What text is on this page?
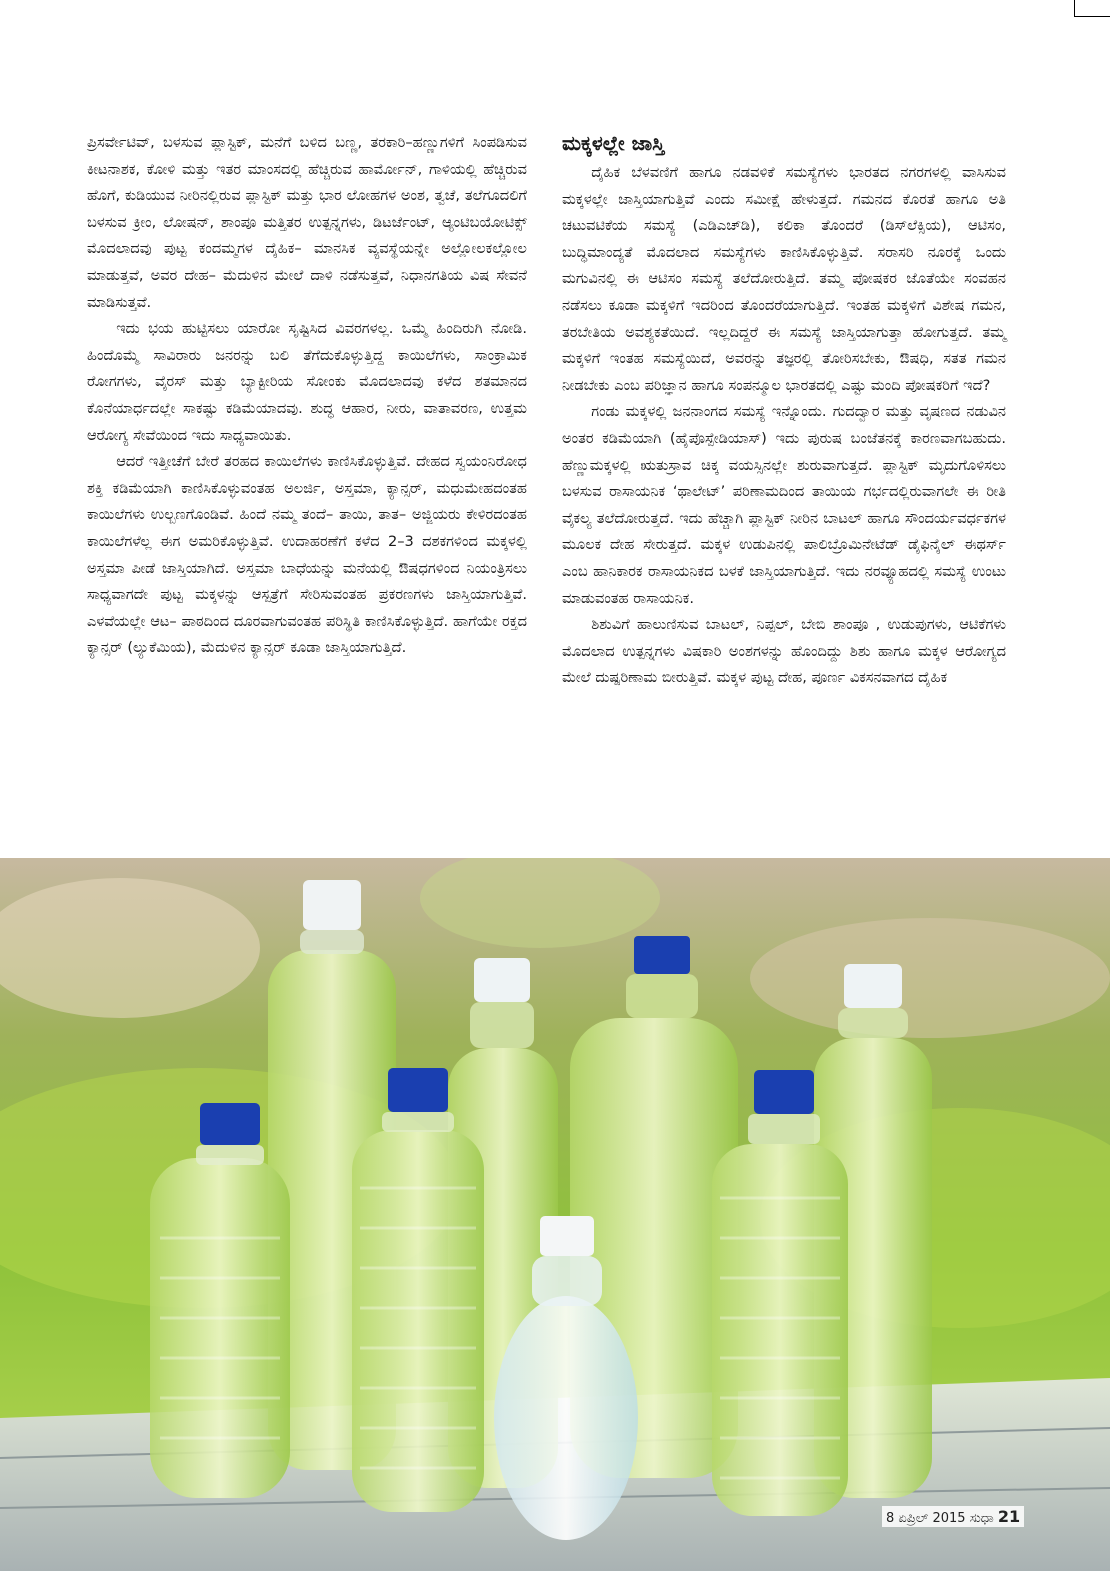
ಪ್ರಿಸರ್ವೇಟಿವ್, ಬಳಸುವ ಪ್ಲಾಸ್ಟಿಕ್, ಮನೆಗೆ ಬಳಿದ ಬಣ್ಣ, ತರಕಾರಿ–ಹಣ್ಣುಗಳಿಗೆ ಸಿಂಪಡಿಸುವ ಕೀಟನಾಶಕ, ಕೋಳಿ ಮತ್ತು ಇತರ ಮಾಂಸದಲ್ಲಿ ಹೆಚ್ಚಿರುವ ಹಾರ್ಮೋನ್, ಗಾಳಿಯಲ್ಲಿ ಹೆಚ್ಚಿರುವ ಹೊಗೆ, ಕುಡಿಯುವ ನೀರಿನಲ್ಲಿರುವ ಪ್ಲಾಸ್ಟಿಕ್ ಮತ್ತು ಭಾರ ಲೋಹಗಳ ಅಂಶ, ತ್ವಚೆ, ತಲೆಗೂದಲಿಗೆ ಬಳಸುವ ಕ್ರೀಂ, ಲೋಷನ್, ಶಾಂಪೂ ಮತ್ತಿತರ ಉತ್ಪನ್ನಗಳು, ಡಿಟರ್ಜೆಂಟ್, ಆ್ಯಂಟಿಬಯೋಟಿಕ್ಸ್ ಮೊದಲಾದವು ಪುಟ್ಟ ಕಂದಮ್ಮಗಳ ದೈಹಿಕ– ಮಾನಸಿಕ ವ್ಯವಸ್ಥೆಯನ್ನೇ ಅಲ್ಲೋಲಕಲ್ಲೋಲ ಮಾಡುತ್ತವೆ, ಅವರ ದೇಹ– ಮೆದುಳಿನ ಮೇಲೆ ದಾಳಿ ನಡೆಸುತ್ತವೆ, ನಿಧಾನಗತಿಯ ವಿಷ ಸೇವನೆ ಮಾಡಿಸುತ್ತವೆ.

ಇದು ಭಯ ಹುಟ್ಟಿಸಲು ಯಾರೋ ಸೃಷ್ಟಿಸಿದ ವಿವರಗಳಲ್ಲ. ಒಮ್ಮೆ ಹಿಂದಿರುಗಿ ನೋಡಿ. ಹಿಂದೊಮ್ಮೆ ಸಾವಿರಾರು ಜನರನ್ನು ಬಲಿ ತೆಗೆದುಕೊಳ್ಳುತ್ತಿದ್ದ ಕಾಯಿಲೆಗಳು, ಸಾಂಕ್ರಾಮಿಕ ರೋಗಗಳು, ವೈರಸ್ ಮತ್ತು ಬ್ಯಾಕ್ಟೀರಿಯ ಸೋಂಕು ಮೊದಲಾದವು ಕಳೆದ ಶತಮಾನದ ಕೊನೆಯಾರ್ಧದಲ್ಲೇ ಸಾಕಷ್ಟು ಕಡಿಮೆಯಾದವು. ಶುದ್ಧ ಆಹಾರ, ನೀರು, ವಾತಾವರಣ, ಉತ್ತಮ ಆರೋಗ್ಯ ಸೇವೆಯಿಂದ ಇದು ಸಾಧ್ಯವಾಯಿತು.

ಆದರೆ ಇತ್ತೀಚೆಗೆ ಬೇರೆ ತರಹದ ಕಾಯಿಲೆಗಳು ಕಾಣಿಸಿಕೊಳ್ಳುತ್ತಿವೆ. ದೇಹದ ಸ್ವಯಂನಿರೋಧ ಶಕ್ತಿ ಕಡಿಮೆಯಾಗಿ ಕಾಣಿಸಿಕೊಳ್ಳುವಂತಹ ಅಲರ್ಜಿ, ಅಸ್ತಮಾ, ಕ್ಯಾನ್ಸರ್, ಮಧುಮೇಹದಂತಹ ಕಾಯಿಲೆಗಳು ಉಲ್ಬಣಗೊಂಡಿವೆ. ಹಿಂದೆ ನಮ್ಮ ತಂದೆ– ತಾಯಿ, ತಾತ– ಅಜ್ಜಿಯರು ಕೇಳಿರದಂತಹ ಕಾಯಿಲೆಗಳೆಲ್ಲ ಈಗ ಅಮರಿಕೊಳ್ಳುತ್ತಿವೆ. ಉದಾಹರಣೆಗೆ ಕಳೆದ 2–3 ದಶಕಗಳಿಂದ ಮಕ್ಕಳಲ್ಲಿ ಅಸ್ತಮಾ ಪೀಡೆ ಜಾಸ್ತಿಯಾಗಿದೆ. ಅಸ್ತಮಾ ಬಾಧೆಯನ್ನು ಮನೆಯಲ್ಲಿ ಔಷಧಗಳಿಂದ ನಿಯಂತ್ರಿಸಲು ಸಾಧ್ಯವಾಗದೇ ಪುಟ್ಟ ಮಕ್ಕಳನ್ನು ಆಸ್ಪತ್ರೆಗೆ ಸೇರಿಸುವಂತಹ ಪ್ರಕರಣಗಳು ಜಾಸ್ತಿಯಾಗುತ್ತಿವೆ. ಎಳವೆಯಲ್ಲೇ ಆಟ– ಪಾಠದಿಂದ ದೂರವಾಗುವಂತಹ ಪರಿಸ್ಥಿತಿ ಕಾಣಿಸಿಕೊಳ್ಳುತ್ತಿದೆ. ಹಾಗೆಯೇ ರಕ್ತದ ಕ್ಯಾನ್ಸರ್ (ಲ್ಯುಕೆಮಿಯ), ಮೆದುಳಿನ ಕ್ಯಾನ್ಸರ್ ಕೂಡಾ ಜಾಸ್ತಿಯಾಗುತ್ತಿದೆ.

ಮಕ್ಕಳಲ್ಲೇ ಜಾಸ್ತಿ

ದೈಹಿಕ ಬೆಳವಣಿಗೆ ಹಾಗೂ ನಡವಳಿಕೆ ಸಮಸ್ಯೆಗಳು ಭಾರತದ ನಗರಗಳಲ್ಲಿ ವಾಸಿಸುವ ಮಕ್ಕಳಲ್ಲೇ ಜಾಸ್ತಿಯಾಗುತ್ತಿವೆ ಎಂದು ಸಮೀಕ್ಷೆ ಹೇಳುತ್ತದೆ. ಗಮನದ ಕೊರತೆ ಹಾಗೂ ಅತಿ ಚಟುವಟಿಕೆಯ ಸಮಸ್ಯೆ (ಎಡಿಎಚ್‌ಡಿ), ಕಲಿಕಾ ತೊಂದರೆ (ಡಿಸ್‌ಲೆಕ್ಸಿಯ), ಆಟಿಸಂ, ಬುದ್ಧಿಮಾಂದ್ಯತೆ ಮೊದಲಾದ ಸಮಸ್ಯೆಗಳು ಕಾಣಿಸಿಕೊಳ್ಳುತ್ತಿವೆ. ಸರಾಸರಿ ನೂರಕ್ಕೆ ಒಂದು ಮಗುವಿನಲ್ಲಿ ಈ ಆಟಿಸಂ ಸಮಸ್ಯೆ ತಲೆದೋರುತ್ತಿದೆ. ತಮ್ಮ ಪೋಷಕರ ಜೊತೆಯೇ ಸಂವಹನ ನಡೆಸಲು ಕೂಡಾ ಮಕ್ಕಳಿಗೆ ಇದರಿಂದ ತೊಂದರೆಯಾಗುತ್ತಿದೆ. ಇಂತಹ ಮಕ್ಕಳಿಗೆ ವಿಶೇಷ ಗಮನ, ತರಬೇತಿಯ ಅವಶ್ಯಕತೆಯಿದೆ. ಇಲ್ಲದಿದ್ದರೆ ಈ ಸಮಸ್ಯೆ ಜಾಸ್ತಿಯಾಗುತ್ತಾ ಹೋಗುತ್ತದೆ. ತಮ್ಮ ಮಕ್ಕಳಿಗೆ ಇಂತಹ ಸಮಸ್ಯೆಯಿದೆ, ಅವರನ್ನು ತಜ್ಞರಲ್ಲಿ ತೋರಿಸಬೇಕು, ಔಷಧಿ, ಸತತ ಗಮನ ನೀಡಬೇಕು ಎಂಬ ಪರಿಜ್ಞಾನ ಹಾಗೂ ಸಂಪನ್ಮೂಲ ಭಾರತದಲ್ಲಿ ಎಷ್ಟು ಮಂದಿ ಪೋಷಕರಿಗೆ ಇದೆ?

ಗಂಡು ಮಕ್ಕಳಲ್ಲಿ ಜನನಾಂಗದ ಸಮಸ್ಯೆ ಇನ್ನೊಂದು. ಗುದದ್ವಾರ ಮತ್ತು ವೃಷಣದ ನಡುವಿನ ಅಂತರ ಕಡಿಮೆಯಾಗಿ (ಹೈಪೊಸ್ಪೇಡಿಯಾಸ್) ಇದು ಪುರುಷ ಬಂಜೆತನಕ್ಕೆ ಕಾರಣವಾಗಬಹುದು. ಹೆಣ್ಣುಮಕ್ಕಳಲ್ಲಿ ಋತುಸ್ರಾವ ಚಿಕ್ಕ ವಯಸ್ಸಿನಲ್ಲೇ ಶುರುವಾಗುತ್ತದೆ. ಪ್ಲಾಸ್ಟಿಕ್ ಮೃದುಗೊಳಿಸಲು ಬಳಸುವ ರಾಸಾಯನಿಕ ‘ಥಾಲೇಟ್’ ಪರಿಣಾಮದಿಂದ ತಾಯಿಯ ಗರ್ಭದಲ್ಲಿರುವಾಗಲೇ ಈ ರೀತಿ ವೈಕಲ್ಯ ತಲೆದೋರುತ್ತದೆ. ಇದು ಹೆಚ್ಚಾಗಿ ಪ್ಲಾಸ್ಟಿಕ್ ನೀರಿನ ಬಾಟಲ್ ಹಾಗೂ ಸೌಂದರ್ಯವರ್ಧಕಗಳ ಮೂಲಕ ದೇಹ ಸೇರುತ್ತದೆ. ಮಕ್ಕಳ ಉಡುಪಿನಲ್ಲಿ ಪಾಲಿಬ್ರೊಮಿನೇಟೆಡ್ ಡೈಫಿನೈಲ್ ಈಥರ್ಸ್ ಎಂಬ ಹಾನಿಕಾರಕ ರಾಸಾಯನಿಕದ ಬಳಕೆ ಜಾಸ್ತಿಯಾಗುತ್ತಿದೆ. ಇದು ನರವ್ಯೂಹದಲ್ಲಿ ಸಮಸ್ಯೆ ಉಂಟು ಮಾಡುವಂತಹ ರಾಸಾಯನಿಕ.

ಶಿಶುವಿಗೆ ಹಾಲುಣಿಸುವ ಬಾಟಲ್, ನಿಪ್ಪಲ್, ಬೇಬಿ ಶಾಂಪೂ , ಉಡುಪುಗಳು, ಆಟಿಕೆಗಳು ಮೊದಲಾದ ಉತ್ಪನ್ನಗಳು ವಿಷಕಾರಿ ಅಂಶಗಳನ್ನು ಹೊಂದಿದ್ದು ಶಿಶು ಹಾಗೂ ಮಕ್ಕಳ ಆರೋಗ್ಯದ ಮೇಲೆ ದುಷ್ಪರಿಣಾಮ ಬೀರುತ್ತಿವೆ. ಮಕ್ಕಳ ಪುಟ್ಟ ದೇಹ, ಪೂರ್ಣ ವಿಕಸನವಾಗದ ದೈಹಿಕ

8 ಏಪ್ರಿಲ್ 2015 ಸುಧಾ 21
